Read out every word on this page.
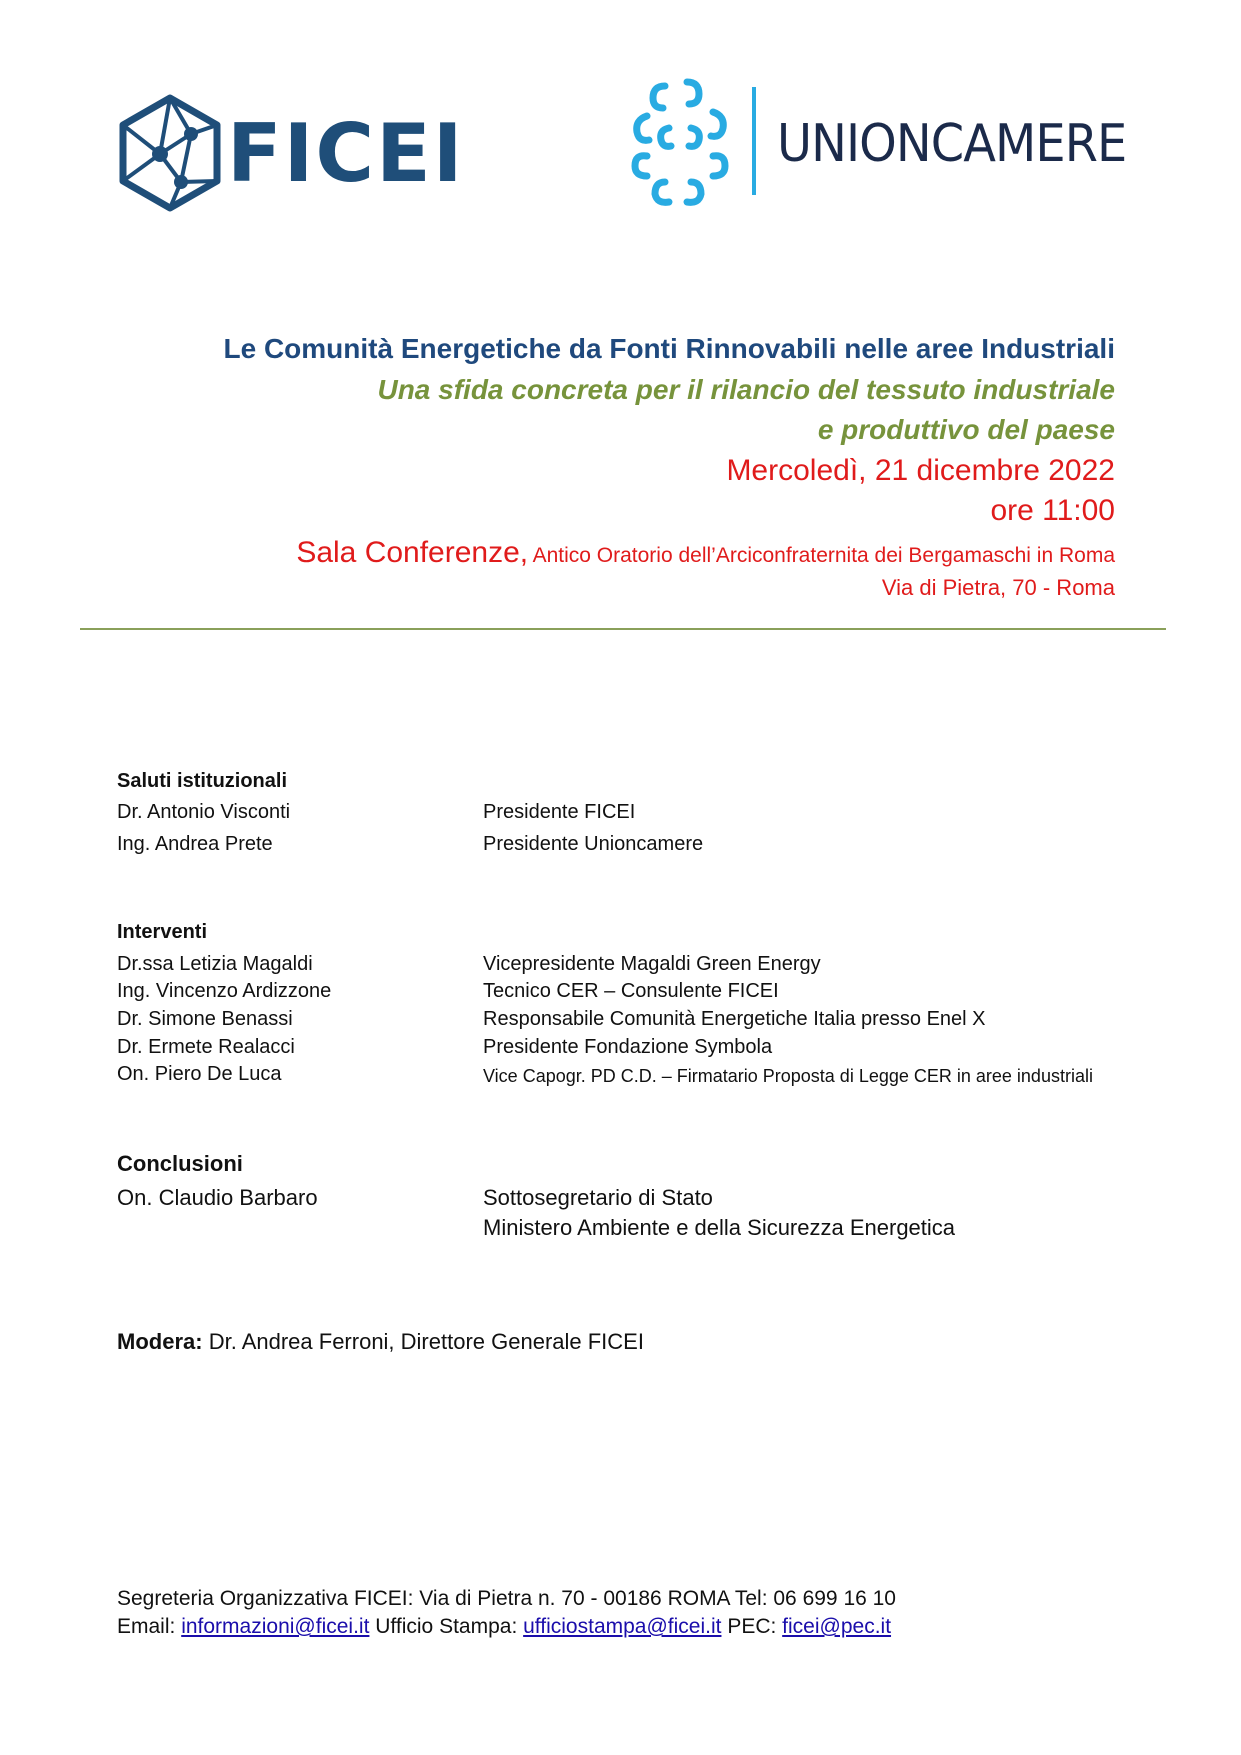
FICEI	UNIONCAMERE
Le Comunità Energetiche da Fonti Rinnovabili nelle aree Industriali
Una sfida concreta per il rilancio del tessuto industriale
e produttivo del paese
Mercoledì, 21 dicembre 2022
ore 11:00
Sala Conferenze, Antico Oratorio dell’Arciconfraternita dei Bergamaschi in Roma
Via di Pietra, 70 - Roma
Saluti istituzionali
Dr. Antonio Visconti	Presidente FICEI
Ing. Andrea Prete	Presidente Unioncamere
Interventi
Dr.ssa Letizia Magaldi	Vicepresidente Magaldi Green Energy
Ing. Vincenzo Ardizzone	Tecnico CER – Consulente FICEI
Dr. Simone Benassi	Responsabile Comunità Energetiche Italia presso Enel X
Dr. Ermete Realacci	Presidente Fondazione Symbola
On. Piero De Luca	Vice Capogr. PD C.D. – Firmatario Proposta di Legge CER in aree industriali
Conclusioni
On. Claudio Barbaro	Sottosegretario di Stato
Ministero Ambiente e della Sicurezza Energetica
Modera: Dr. Andrea Ferroni, Direttore Generale FICEI
Segreteria Organizzativa FICEI: Via di Pietra n. 70 - 00186 ROMA Tel: 06 699 16 10
Email: informazioni@ficei.it Ufficio Stampa: ufficiostampa@ficei.it PEC: ficei@pec.it
